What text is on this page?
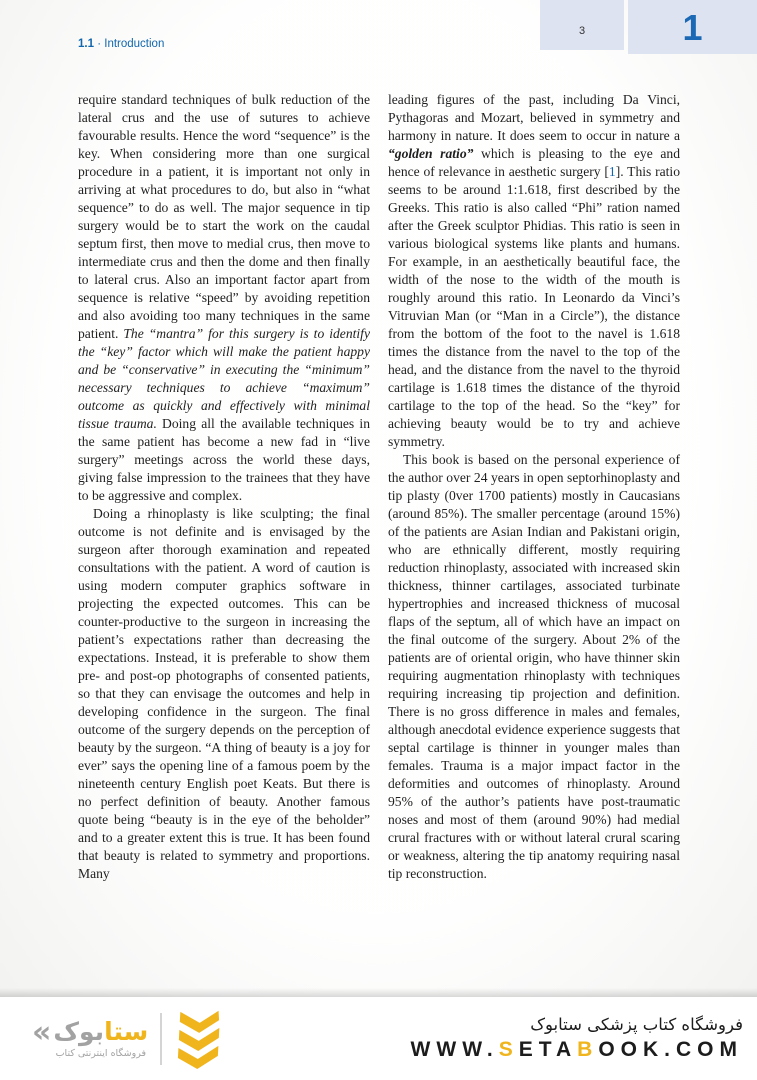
1.1 · Introduction
3	1

require standard techniques of bulk reduction of the lateral crus and the use of sutures to achieve favourable results. Hence the word “sequence” is the key. When considering more than one surgical procedure in a patient, it is important not only in arriving at what procedures to do, but also in “what sequence” to do as well. The major sequence in tip surgery would be to start the work on the caudal septum first, then move to medial crus, then move to intermediate crus and then the dome and then finally to lateral crus. Also an important factor apart from sequence is relative “speed” by avoiding repetition and also avoiding too many techniques in the same patient. The “mantra” for this surgery is to identify the “key” factor which will make the patient happy and be “conservative” in executing the “minimum” necessary techniques to achieve “maximum” outcome as quickly and effectively with minimal tissue trauma. Doing all the available techniques in the same patient has become a new fad in “live surgery” meetings across the world these days, giving false impression to the trainees that they have to be aggressive and complex.

Doing a rhinoplasty is like sculpting; the final outcome is not definite and is envisaged by the surgeon after thorough examination and repeated consultations with the patient. A word of caution is using modern computer graphics software in projecting the expected outcomes. This can be counter-productive to the surgeon in increasing the patient’s expectations rather than decreasing the expectations. Instead, it is preferable to show them pre- and post-op photographs of consented patients, so that they can envisage the outcomes and help in developing confidence in the surgeon. The final outcome of the surgery depends on the perception of beauty by the surgeon. “A thing of beauty is a joy for ever” says the opening line of a famous poem by the nineteenth century English poet Keats. But there is no perfect definition of beauty. Another famous quote being “beauty is in the eye of the beholder” and to a greater extent this is true. It has been found that beauty is related to symmetry and proportions. Many

leading figures of the past, including Da Vinci, Pythagoras and Mozart, believed in symmetry and harmony in nature. It does seem to occur in nature a “golden ratio” which is pleasing to the eye and hence of relevance in aesthetic surgery [1]. This ratio seems to be around 1:1.618, first described by the Greeks. This ratio is also called “Phi” ration named after the Greek sculptor Phidias. This ratio is seen in various biological systems like plants and humans. For example, in an aesthetically beautiful face, the width of the nose to the width of the mouth is roughly around this ratio. In Leonardo da Vinci’s Vitruvian Man (or “Man in a Circle”), the distance from the bottom of the foot to the navel is 1.618 times the distance from the navel to the top of the head, and the distance from the navel to the thyroid cartilage is 1.618 times the distance of the thyroid cartilage to the top of the head. So the “key” for achieving beauty would be to try and achieve symmetry.

This book is based on the personal experience of the author over 24 years in open septorhinoplasty and tip plasty (0ver 1700 patients) mostly in Caucasians (around 85%). The smaller percentage (around 15%) of the patients are Asian Indian and Pakistani origin, who are ethnically different, mostly requiring reduction rhinoplasty, associated with increased skin thickness, thinner cartilages, associated turbinate hypertrophies and increased thickness of mucosal flaps of the septum, all of which have an impact on the final outcome of the surgery. About 2% of the patients are of oriental origin, who have thinner skin requiring augmentation rhinoplasty with techniques requiring increasing tip projection and definition. There is no gross difference in males and females, although anecdotal evidence experience suggests that septal cartilage is thinner in younger males than females. Trauma is a major impact factor in the deformities and outcomes of rhinoplasty. Around 95% of the author’s patients have post-traumatic noses and most of them (around 90%) had medial crural fractures with or without lateral crural scaring or weakness, altering the tip anatomy requiring nasal tip reconstruction.

«	ستابوک
فروشگاه اینترنتی کتاب
فروشگاه کتاب پزشکی ستابوک
WWW.SETABOOK.COM
